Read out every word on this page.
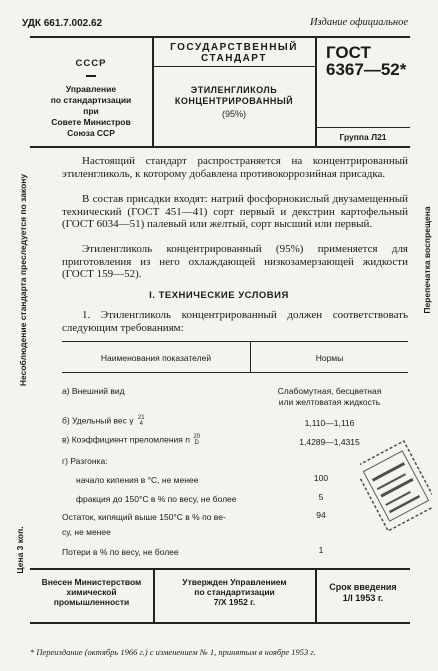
УДК 661.7.002.62	Издание официальное
СССР
Управление
по стандартизации
при
Совете Министров
Союза ССР
ГОСУДАРСТВЕННЫЙ
СТАНДАРТ
ЭТИЛЕНГЛИКОЛЬ
КОНЦЕНТРИРОВАННЫЙ
(95%)
ГОСТ
6367—52*
Группа Л21
Настоящий стандарт распространяется на концентрированный этиленгликоль, к которому добавлена противокоррозийная присадка.
В состав присадки входят: натрий фосфорнокислый двузамещенный технический (ГОСТ 451—41) сорт первый и декстрин картофельный (ГОСТ 6034—51) палевый или желтый, сорт высший или первый.
Этиленгликоль концентрированный (95%) применяется для приготовления из него охлаждающей низкозамерзающей жидкости (ГОСТ 159—52).
I. ТЕХНИЧЕСКИЕ УСЛОВИЯ
1. Этиленгликоль концентрированный должен соответствовать следующим требованиям:
Наименования показателей	Нормы
а) Внешний вид	Слабомутная, бесцветная
или желтоватая жидкость
б) Удельный вес γ 21
4	1,110—1,116
в) Коэффициент преломления n 20
D	1,4289—1,4315
г) Разгонка:
начало кипения в °С, не менее	100
фракция до 150°С в % по весу, не более	5
Остаток, кипящий выше 150°С в % по ве-	94
су, не менее
Потери в % по весу, не более	1
Внесен Министерством
химической
промышленности
Утвержден Управлением
по стандартизации
7/Х 1952 г.
Срок введения
1/I 1953 г.
* Переиздание (октябрь 1966 г.) с изменением № 1, принятым в ноябре 1953 г.
Несоблюдение стандарта преследуется по закону
Цена 3 коп.
Перепечатка воспрещена
